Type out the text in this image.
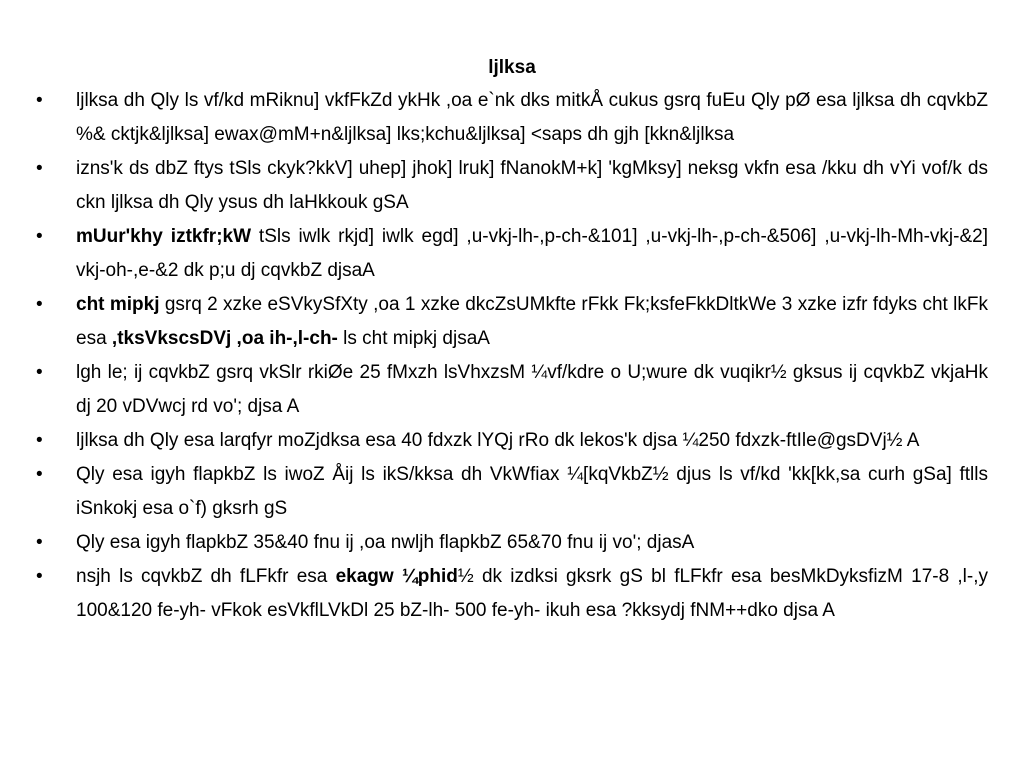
ljlksa
• ljlksa dh Qly ls vf/kd mRiknu] vkfFkZd ykHk ,oa e`nk dks mitkÅ cukus gsrq fuEu Qly pØ esa ljlksa dh cqvkbZ %& cktjk&ljlksa] ewax@mM+n&ljlksa] lks;kchu&ljlksa] <saps dh gjh [kkn&ljlksa
• izns'k ds dbZ ftys tSls ckyk?kkV] uhep] jhok] lruk] fNanokM+k] 'kgMksy] neksg vkfn esa /kku dh vYi vof/k ds ckn ljlksa dh Qly ysus dh laHkkouk gSA
• mUur'khy iztkfr;kW tSls iwlk rkjd] iwlk egd] ,u-vkj-lh-,p-ch-&101] ,u-vkj-lh-,p-ch-&506] ,u-vkj-lh-Mh-vkj-&2] vkj-oh-,e-&2 dk p;u dj cqvkbZ djsaA
• cht mipkj gsrq 2 xzke eSVkySfXty ,oa 1 xzke dkcZsUMkfte rFkk Fk;ksfeFkkDltkWe 3 xzke izfr fdyks cht lkFk esa ,tksVkscsDVj ,oa ih-,l-ch- ls cht mipkj djsaA
• lgh le; ij cqvkbZ gsrq vkSlr rkiØe 25 fMxzh lsVhxzsM ¼vf/kdre o U;wure dk vuqikr½ gksus ij cqvkbZ vkjaHk dj 20 vDVwcj rd vo'; djsa A
• ljlksa dh Qly esa larqfyr moZjdksa esa 40 fdxzk lYQj rRo dk lekos'k djsa ¼250 fdxzk-ftIle@gsDVj½ A
• Qly esa igyh flapkbZ ls iwoZ Åij ls ikS/kksa dh VkWfiax ¼[kqVkbZ½ djus ls vf/kd 'kk[kk,sa curh gSa] ftlls iSnkokj esa o`f) gksrh gS
• Qly esa igyh flapkbZ 35&40 fnu ij ,oa nwljh flapkbZ 65&70 fnu ij vo'; djasA
• nsjh ls cqvkbZ dh fLFkfr esa ekagw ¼phid½ dk izdksi gksrk gS bl fLFkfr esa besMkDyksfizM 17-8 ,l-,y 100&120 fe-yh- vFkok esVkflLVkDl 25 bZ-lh- 500 fe-yh- ikuh esa ?kksydj fNM++dko djsa A
